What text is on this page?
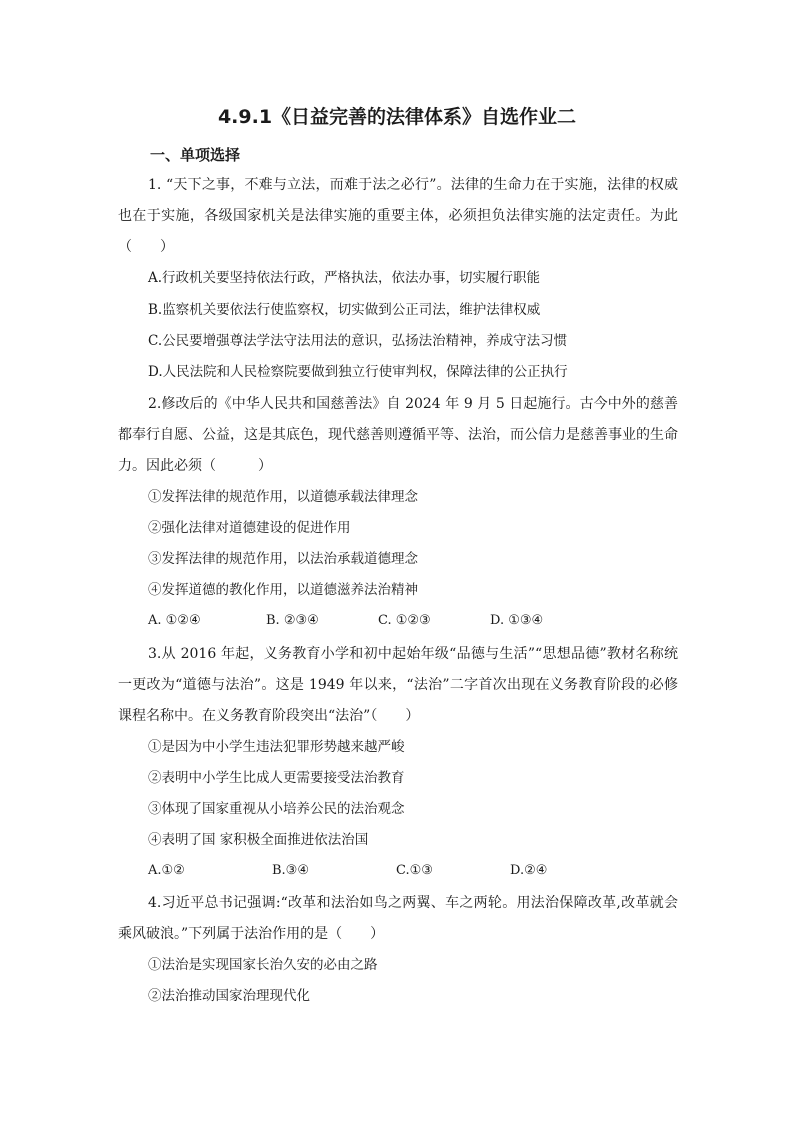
4.9.1《日益完善的法律体系》自选作业二
一、单项选择
1. “天下之事，不难与立法，而难于法之必行”。法律的生命力在于实施，法律的权威也在于实施，各级国家机关是法律实施的重要主体，必须担负法律实施的法定责任。为此（　　）
A.行政机关要坚持依法行政，严格执法，依法办事，切实履行职能
B.监察机关要依法行使监察权，切实做到公正司法，维护法律权威
C.公民要增强尊法学法守法用法的意识，弘扬法治精神，养成守法习惯
D.人民法院和人民检察院要做到独立行使审判权，保障法律的公正执行
2.修改后的《中华人民共和国慈善法》自 2024 年 9 月 5 日起施行。古今中外的慈善都奉行自愿、公益，这是其底色，现代慈善则遵循平等、法治，而公信力是慈善事业的生命力。因此必须（　　　）
①发挥法律的规范作用，以道德承载法律理念
②强化法律对道德建设的促进作用
③发挥法律的规范作用，以法治承载道德理念
④发挥道德的教化作用，以道德滋养法治精神
A. ①②④	B. ②③④	C. ①②③	D. ①③④
3.从 2016 年起，义务教育小学和初中起始年级“品德与生活”“思想品德”教材名称统一更改为“道德与法治”。这是 1949 年以来，“法治”二字首次出现在义务教育阶段的必修课程名称中。在义务教育阶段突出“法治”（　　）
①是因为中小学生违法犯罪形势越来越严峻
②表明中小学生比成人更需要接受法治教育
③体现了国家重视从小培养公民的法治观念
④表明了国 家积极全面推进依法治国
A.①②	B.③④	C.①③	D.②④
4.习近平总书记强调:“改革和法治如鸟之两翼、车之两轮。用法治保障改革,改革就会乘风破浪。”下列属于法治作用的是（　　）
①法治是实现国家长治久安的必由之路
②法治推动国家治理现代化
